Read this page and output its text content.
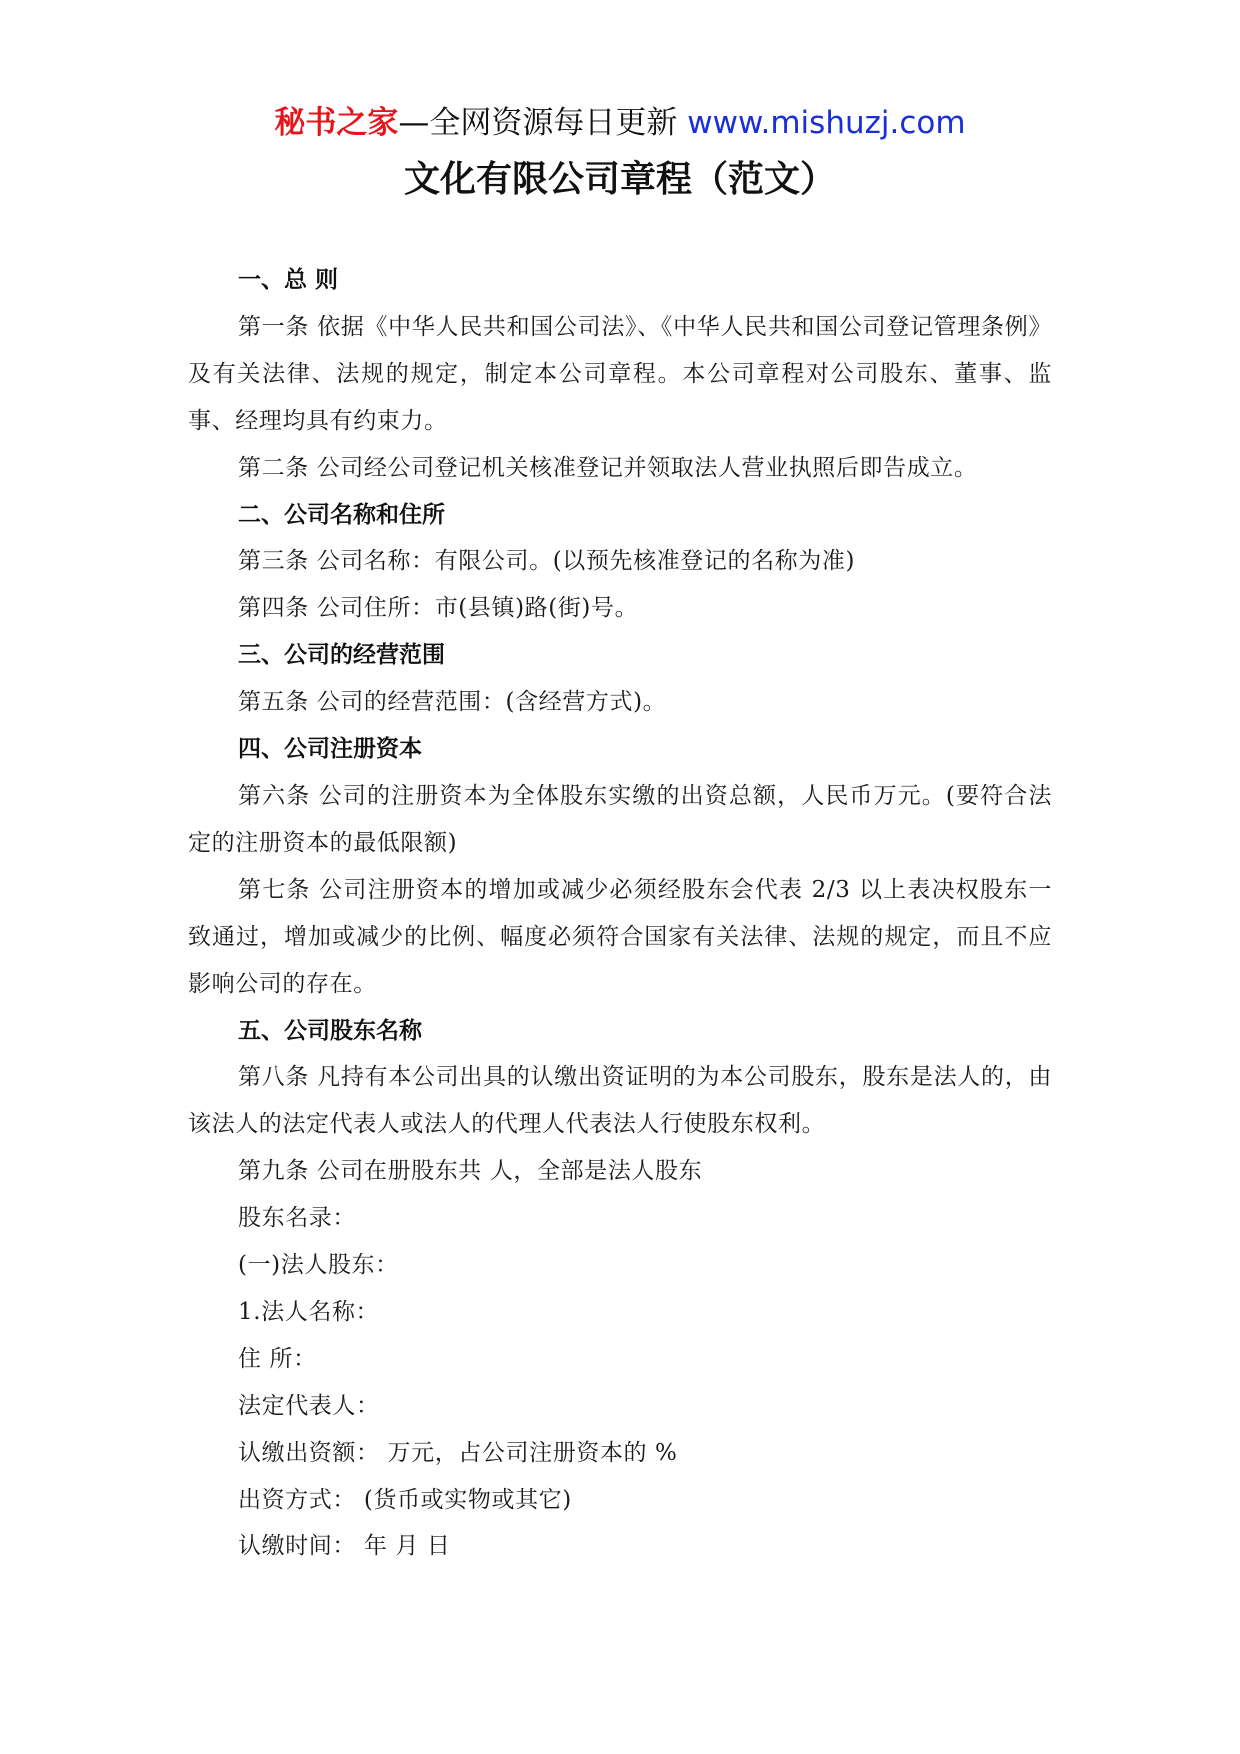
秘书之家—全网资源每日更新 www.mishuzj.com
文化有限公司章程（范文）
一、总 则

第一条 依据《中华人民共和国公司法》、《中华人民共和国公司登记管理条例》及有关法律、法规的规定，制定本公司章程。本公司章程对公司股东、董事、监事、经理均具有约束力。

第二条 公司经公司登记机关核准登记并领取法人营业执照后即告成立。

二、公司名称和住所

第三条 公司名称：有限公司。(以预先核准登记的名称为准)

第四条 公司住所：市(县镇)路(街)号。

三、公司的经营范围

第五条 公司的经营范围：(含经营方式)。

四、公司注册资本

第六条 公司的注册资本为全体股东实缴的出资总额，人民币万元。(要符合法定的注册资本的最低限额)

第七条 公司注册资本的增加或减少必须经股东会代表 2/3 以上表决权股东一致通过，增加或减少的比例、幅度必须符合国家有关法律、法规的规定，而且不应影响公司的存在。

五、公司股东名称

第八条 凡持有本公司出具的认缴出资证明的为本公司股东，股东是法人的，由该法人的法定代表人或法人的代理人代表法人行使股东权利。

第九条 公司在册股东共 人，全部是法人股东

股东名录：

(一)法人股东：

1.法人名称：

住 所：

法定代表人：

认缴出资额： 万元，占公司注册资本的 %

出资方式： (货币或实物或其它)

认缴时间： 年 月 日
